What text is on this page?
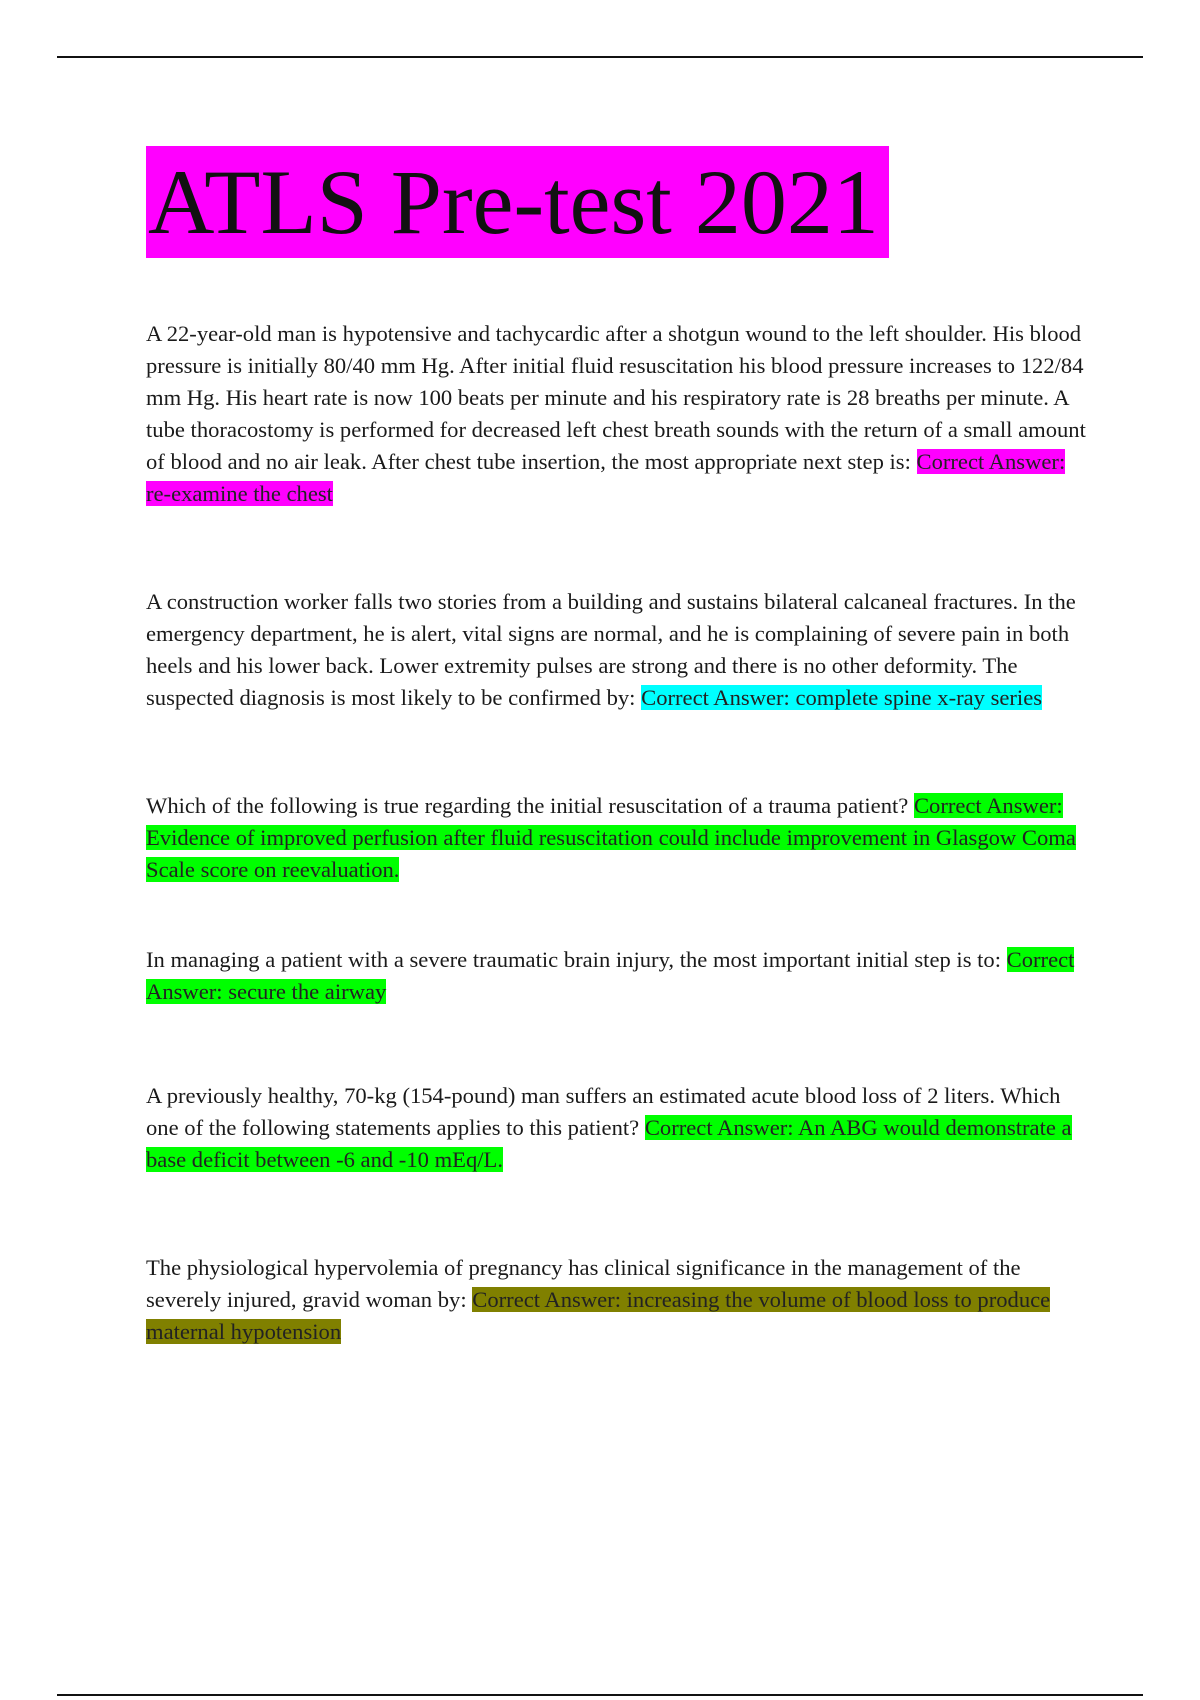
ATLS Pre-test 2021

A 22-year-old man is hypotensive and tachycardic after a shotgun wound to the left shoulder. His blood pressure is initially 80/40 mm Hg. After initial fluid resuscitation his blood pressure increases to 122/84 mm Hg. His heart rate is now 100 beats per minute and his respiratory rate is 28 breaths per minute. A tube thoracostomy is performed for decreased left chest breath sounds with the return of a small amount of blood and no air leak. After chest tube insertion, the most appropriate next step is: Correct Answer: re-examine the chest

A construction worker falls two stories from a building and sustains bilateral calcaneal fractures. In the emergency department, he is alert, vital signs are normal, and he is complaining of severe pain in both heels and his lower back. Lower extremity pulses are strong and there is no other deformity. The suspected diagnosis is most likely to be confirmed by: Correct Answer: complete spine x-ray series

Which of the following is true regarding the initial resuscitation of a trauma patient? Correct Answer: Evidence of improved perfusion after fluid resuscitation could include improvement in Glasgow Coma Scale score on reevaluation.

In managing a patient with a severe traumatic brain injury, the most important initial step is to: Correct Answer: secure the airway

A previously healthy, 70-kg (154-pound) man suffers an estimated acute blood loss of 2 liters. Which one of the following statements applies to this patient? Correct Answer: An ABG would demonstrate a base deficit between -6 and -10 mEq/L.

The physiological hypervolemia of pregnancy has clinical significance in the management of the severely injured, gravid woman by: Correct Answer: increasing the volume of blood loss to produce maternal hypotension
